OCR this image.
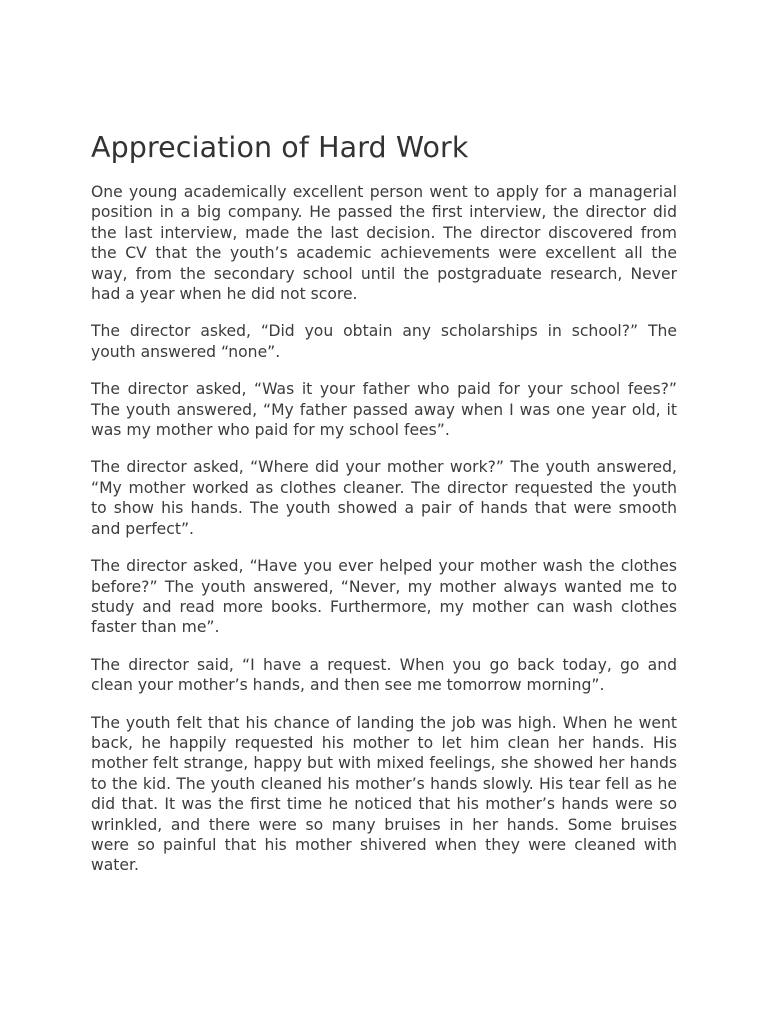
Appreciation of Hard Work

One young academically excellent person went to apply for a managerial position in a big company. He passed the first interview, the director did the last interview, made the last decision. The director discovered from the CV that the youth’s academic achievements were excellent all the way, from the secondary school until the postgraduate research, Never had a year when he did not score.

The director asked, “Did you obtain any scholarships in school?” The youth answered “none”.

The director asked, “Was it your father who paid for your school fees?” The youth answered, “My father passed away when I was one year old, it was my mother who paid for my school fees”.

The director asked, “Where did your mother work?” The youth answered, “My mother worked as clothes cleaner. The director requested the youth to show his hands. The youth showed a pair of hands that were smooth and perfect”.

The director asked, “Have you ever helped your mother wash the clothes before?” The youth answered, “Never, my mother always wanted me to study and read more books. Furthermore, my mother can wash clothes faster than me”.

The director said, “I have a request. When you go back today, go and clean your mother’s hands, and then see me tomorrow morning”.

The youth felt that his chance of landing the job was high. When he went back, he happily requested his mother to let him clean her hands. His mother felt strange, happy but with mixed feelings, she showed her hands to the kid. The youth cleaned his mother’s hands slowly. His tear fell as he did that. It was the first time he noticed that his mother’s hands were so wrinkled, and there were so many bruises in her hands. Some bruises were so painful that his mother shivered when they were cleaned with water.
